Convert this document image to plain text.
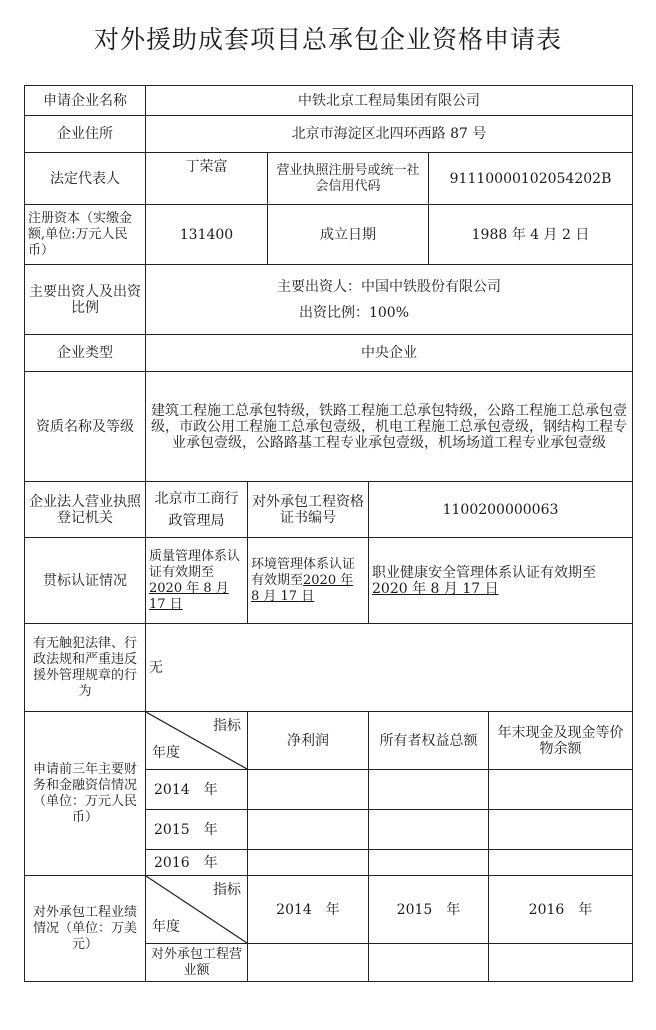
对外援助成套项目总承包企业资格申请表
申请企业名称	中铁北京工程局集团有限公司					
企业住所	北京市海淀区北四环西路 87 号					
法定代表人	丁荣富		营业执照注册号或统一社会信用代码		91110000102054202B	
注册资本（实缴金额,单位:万元人民币）	131400		成立日期		1988 年 4 月 2 日	
主要出资人及出资比例	主要出资人：中国中铁股份有限公司
出资比例：100%					

企业类型	中央企业					
资质名称及等级	建筑工程施工总承包特级，铁路工程施工总承包特级，公路工程施工总承包壹级，市政公用工程施工总承包壹级，机电工程施工总承包壹级，钢结构工程专业承包壹级，公路路基工程专业承包壹级，机场场道工程专业承包壹级					
企业法人营业执照登记机关	北京市工商行政管理局	对外承包工程资格证书编号		1100200000063		
贯标认证情况	质量管理体系认证有效期至2020 年 8 月 17 日	环境管理体系认证有效期至2020 年 8 月 17 日		职业健康安全管理体系认证有效期至2020 年 8 月 17 日		
有无触犯法律、行政法规和严重违反援外管理规章的行为	无					
申请前三年主要财务和金融资信情况（单位：万元人民币）	指标
年度	净利润		所有者权益总额		年末现金及现金等价物余额
	2014　年					
	2015　年					
	2016　年					
对外承包工程业绩情况（单位：万美元）	指标
年度	2014　年		2015　年		2016　年
	对外承包工程营业额					
